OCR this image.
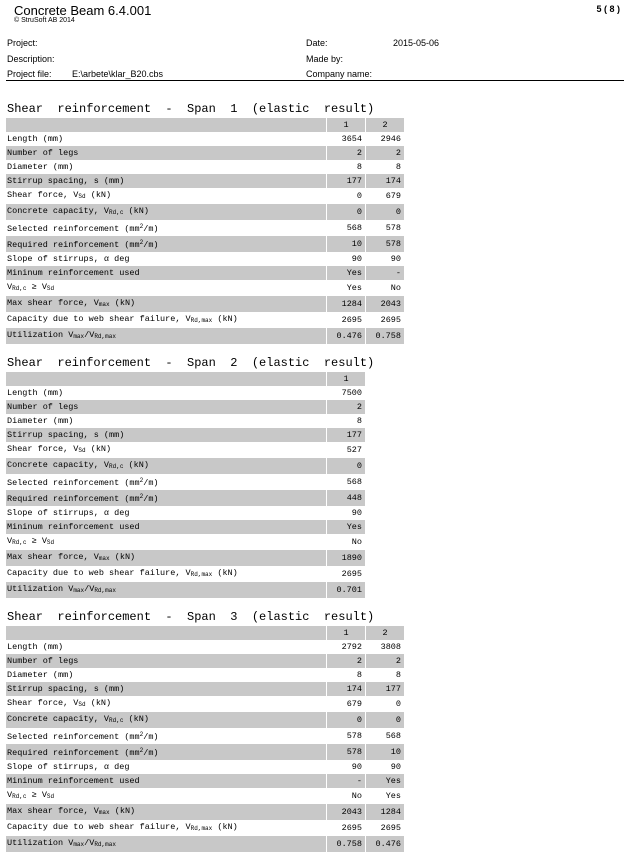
Concrete Beam 6.4.001
© StruSoft AB 2014
5 ( 8 )
Project:
Description:
Project file: E:\arbete\klar_B20.cbs
Date:	2015-05-06
Made by:
Company name:
Shear  reinforcement  -  Span  1  (elastic  result)
	1	2
Length (mm)	3654	2946
Number of legs	2	2
Diameter (mm)	8	8
Stirrup spacing, s (mm)	177	174
Shear force, $V_{Sd}$ (kN)	0	679
Concrete capacity, $V_{Rd,c}$ (kN)	0	0
Selected reinforcement $(mm^2/m)$	568	578
Required reinforcement $(mm^2/m)$	10	578
Slope of stirrups, α deg	90	90
Mininum reinforcement used	Yes	-
$V_{Rd,c} \ge V_{Sd}$	Yes	No
Max shear force, $V_{max}$ (kN)	1284	2043
Capacity due to web shear failure, $V_{Rd,max}$ (kN)	2695	2695
Utilization $V_{max}/V_{Rd,max}$	0.476	0.758
Shear  reinforcement  -  Span  2  (elastic  result)
	1
Length (mm)	7500
Number of legs	2
Diameter (mm)	8
Stirrup spacing, s (mm)	177
Shear force, $V_{Sd}$ (kN)	527
Concrete capacity, $V_{Rd,c}$ (kN)	0
Selected reinforcement $(mm^2/m)$	568
Required reinforcement $(mm^2/m)$	448
Slope of stirrups, α deg	90
Mininum reinforcement used	Yes
$V_{Rd,c} \ge V_{Sd}$	No
Max shear force, $V_{max}$ (kN)	1890
Capacity due to web shear failure, $V_{Rd,max}$ (kN)	2695
Utilization $V_{max}/V_{Rd,max}$	0.701
Shear  reinforcement  -  Span  3  (elastic  result)
	1	2
Length (mm)	2792	3808
Number of legs	2	2
Diameter (mm)	8	8
Stirrup spacing, s (mm)	174	177
Shear force, $V_{Sd}$ (kN)	679	0
Concrete capacity, $V_{Rd,c}$ (kN)	0	0
Selected reinforcement $(mm^2/m)$	578	568
Required reinforcement $(mm^2/m)$	578	10
Slope of stirrups, α deg	90	90
Mininum reinforcement used	-	Yes
$V_{Rd,c} \ge V_{Sd}$	No	Yes
Max shear force, $V_{max}$ (kN)	2043	1284
Capacity due to web shear failure, $V_{Rd,max}$ (kN)	2695	2695
Utilization $V_{max}/V_{Rd,max}$	0.758	0.476
